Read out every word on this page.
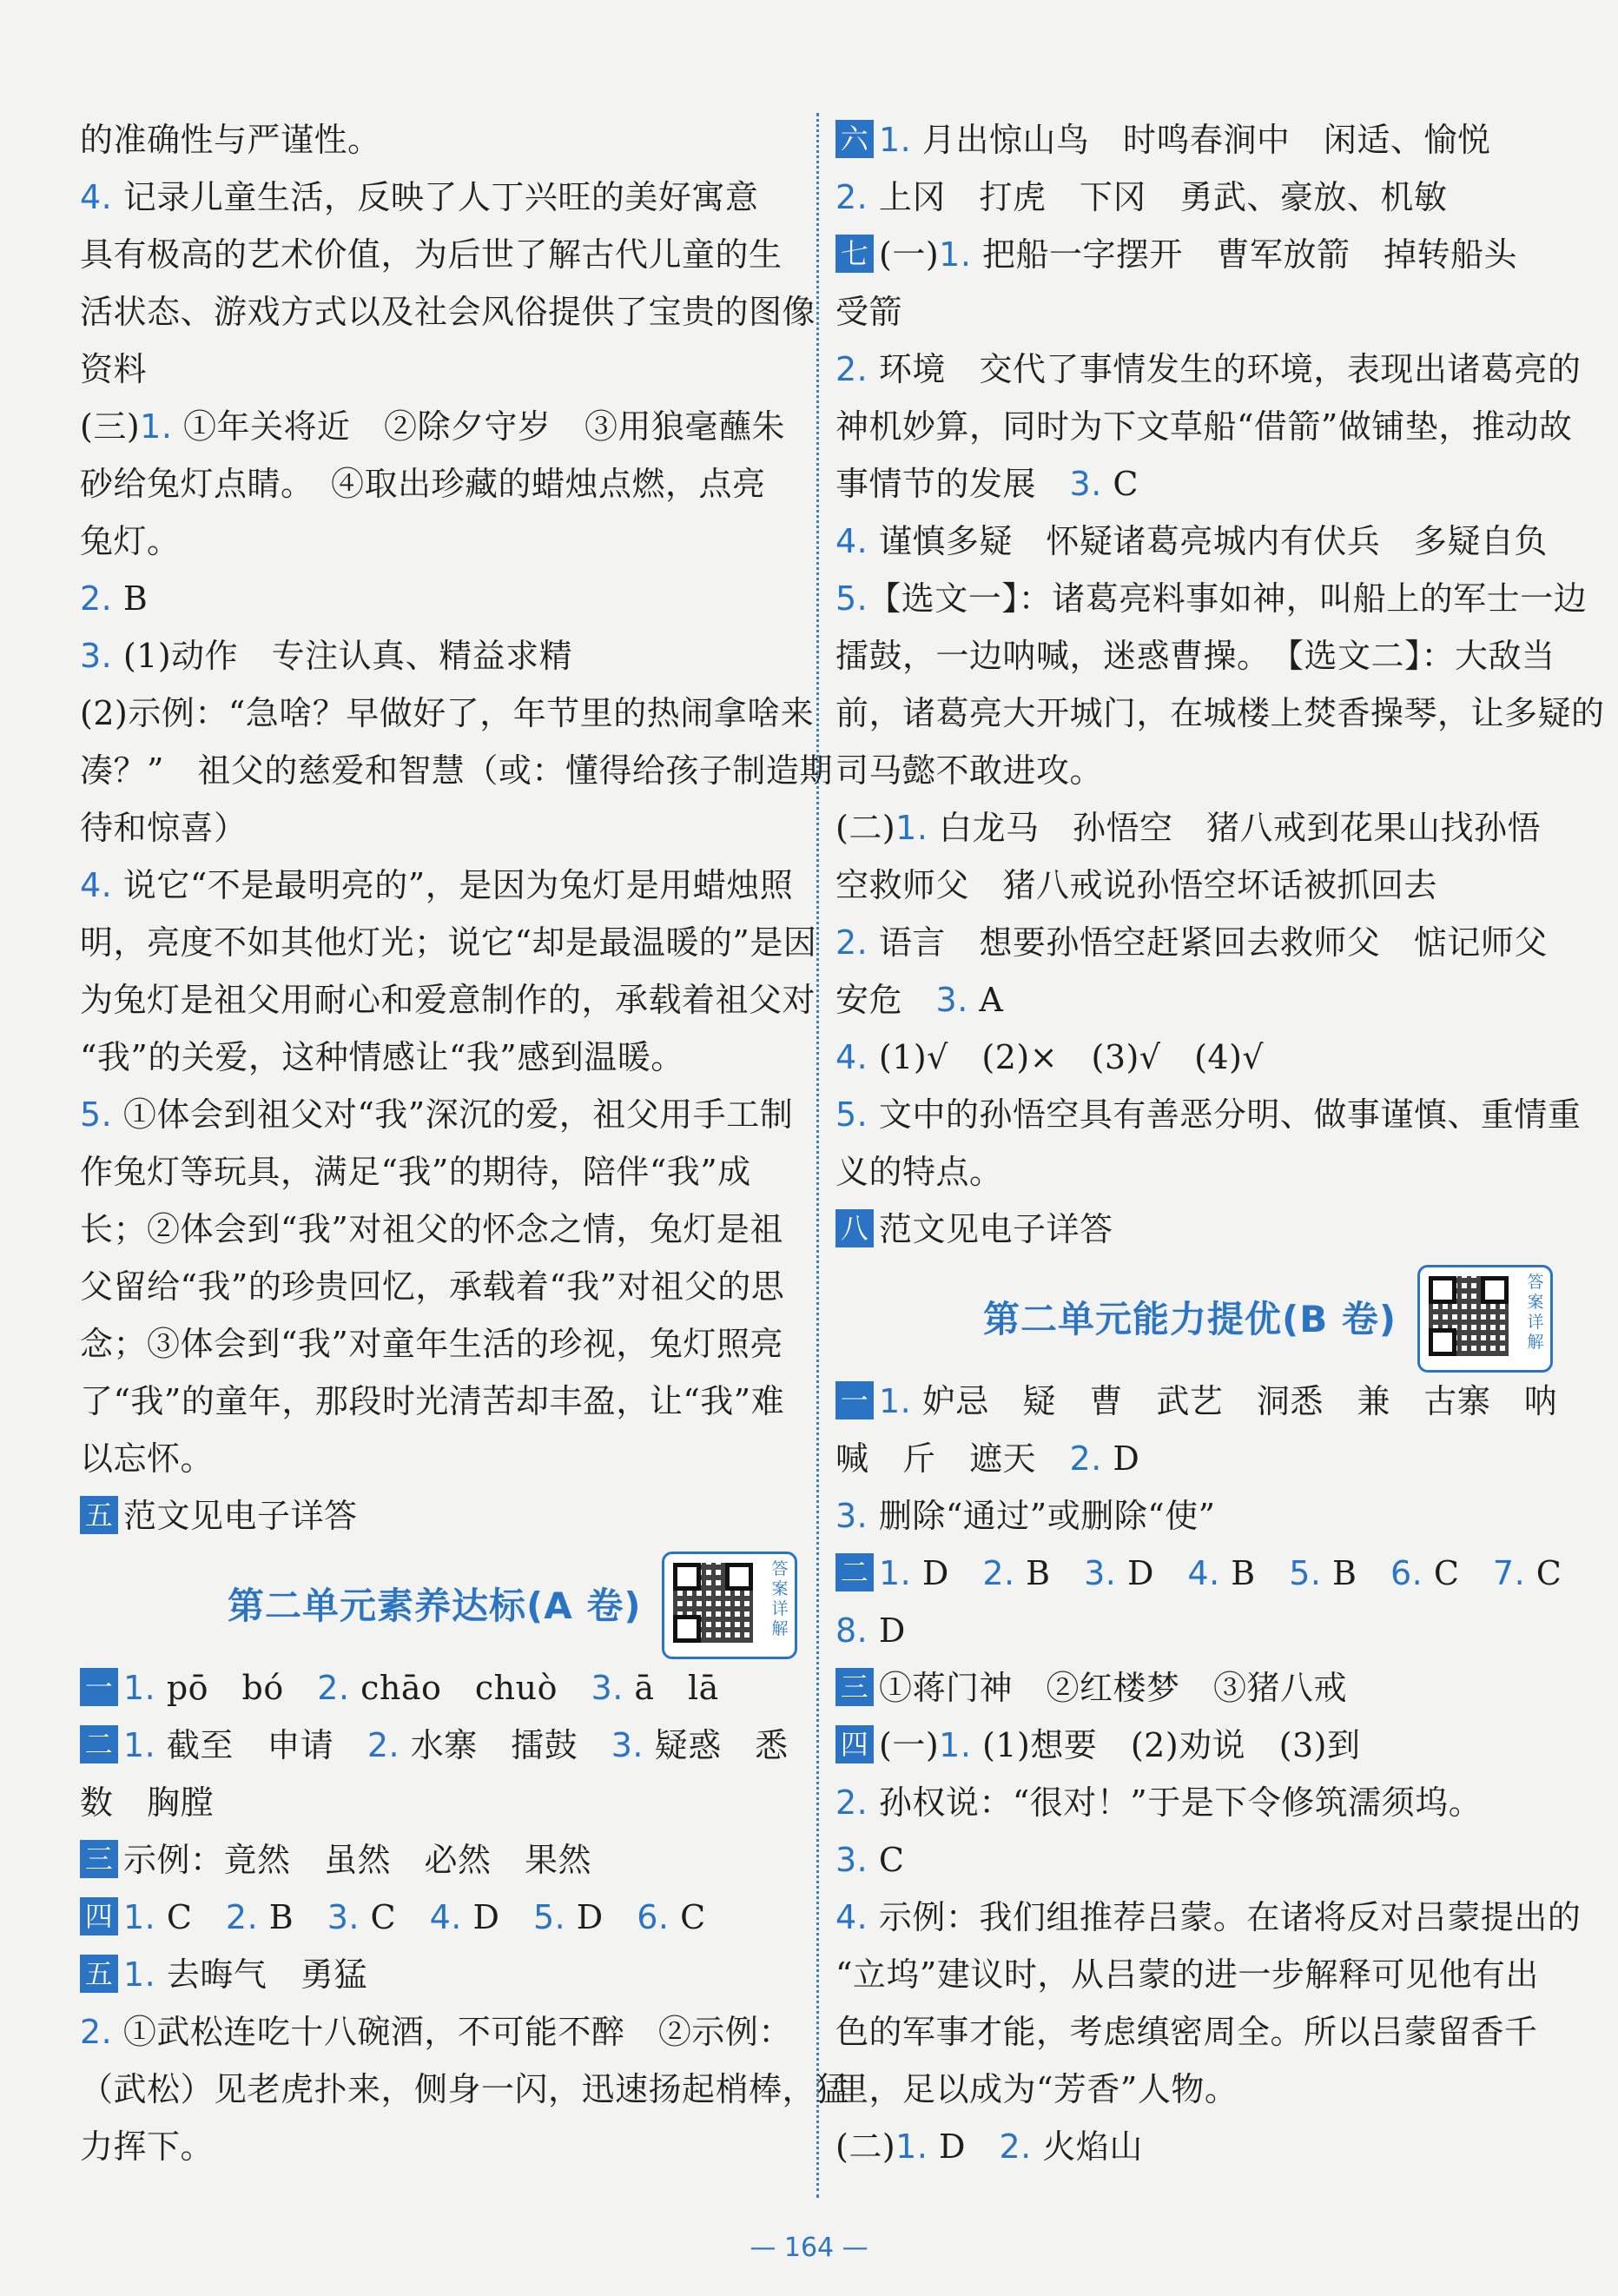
的准确性与严谨性。
4. 记录儿童生活，反映了人丁兴旺的美好寓意
具有极高的艺术价值，为后世了解古代儿童的生
活状态、游戏方式以及社会风俗提供了宝贵的图像
资料
(三)1. ①年关将近　②除夕守岁　③用狼毫蘸朱
砂给兔灯点睛。　④取出珍藏的蜡烛点燃，点亮
兔灯。
2. B
3. (1)动作　专注认真、精益求精
(2)示例：“急啥？早做好了，年节里的热闹拿啥来
凑？”　祖父的慈爱和智慧（或：懂得给孩子制造期
待和惊喜）
4. 说它“不是最明亮的”，是因为兔灯是用蜡烛照
明，亮度不如其他灯光；说它“却是最温暖的”是因
为兔灯是祖父用耐心和爱意制作的，承载着祖父对
“我”的关爱，这种情感让“我”感到温暖。
5. ①体会到祖父对“我”深沉的爱，祖父用手工制
作兔灯等玩具，满足“我”的期待，陪伴“我”成
长；②体会到“我”对祖父的怀念之情，兔灯是祖
父留给“我”的珍贵回忆，承载着“我”对祖父的思
念；③体会到“我”对童年生活的珍视，兔灯照亮
了“我”的童年，那段时光清苦却丰盈，让“我”难
以忘怀。
五 范文见电子详答
第二单元素养达标(A 卷)
答案详解
一 1. pō　bó　2. chāo　chuò　3. ā　lā
二 1. 截至　申请　2. 水寨　擂鼓　3. 疑惑　悉
数　胸膛
三 示例：竟然　虽然　必然　果然
四 1. C　2. B　3. C　4. D　5. D　6. C
五 1. 去晦气　勇猛
2. ①武松连吃十八碗酒，不可能不醉　②示例：
（武松）见老虎扑来，侧身一闪，迅速扬起梢棒，猛
力挥下。
六 1. 月出惊山鸟　时鸣春涧中　闲适、愉悦
2. 上冈　打虎　下冈　勇武、豪放、机敏
七 (一)1. 把船一字摆开　曹军放箭　掉转船头
受箭
2. 环境　交代了事情发生的环境，表现出诸葛亮的
神机妙算，同时为下文草船“借箭”做铺垫，推动故
事情节的发展　3. C
4. 谨慎多疑　怀疑诸葛亮城内有伏兵　多疑自负
5.【选文一】：诸葛亮料事如神，叫船上的军士一边
擂鼓，一边呐喊，迷惑曹操。　【选文二】：大敌当
前，诸葛亮大开城门，在城楼上焚香操琴，让多疑的
司马懿不敢进攻。
(二)1. 白龙马　孙悟空　猪八戒到花果山找孙悟
空救师父　猪八戒说孙悟空坏话被抓回去
2. 语言　想要孙悟空赶紧回去救师父　惦记师父
安危　3. A
4. (1)√　(2)×　(3)√　(4)√
5. 文中的孙悟空具有善恶分明、做事谨慎、重情重
义的特点。
八 范文见电子详答
第二单元能力提优(B 卷)
答案详解
一 1. 妒忌　疑　曹　武艺　洞悉　兼　古寨　呐
喊　斤　遮天　2. D
3. 删除“通过”或删除“使”
二 1. D　2. B　3. D　4. B　5. B　6. C　7. C
8. D
三 ①蒋门神　②红楼梦　③猪八戒
四 (一)1. (1)想要　(2)劝说　(3)到
2. 孙权说：“很对！”于是下令修筑濡须坞。
3. C
4. 示例：我们组推荐吕蒙。在诸将反对吕蒙提出的
“立坞”建议时，从吕蒙的进一步解释可见他有出
色的军事才能，考虑缜密周全。所以吕蒙留香千
里，足以成为“芳香”人物。
(二)1. D　2. 火焰山
— 164 —
